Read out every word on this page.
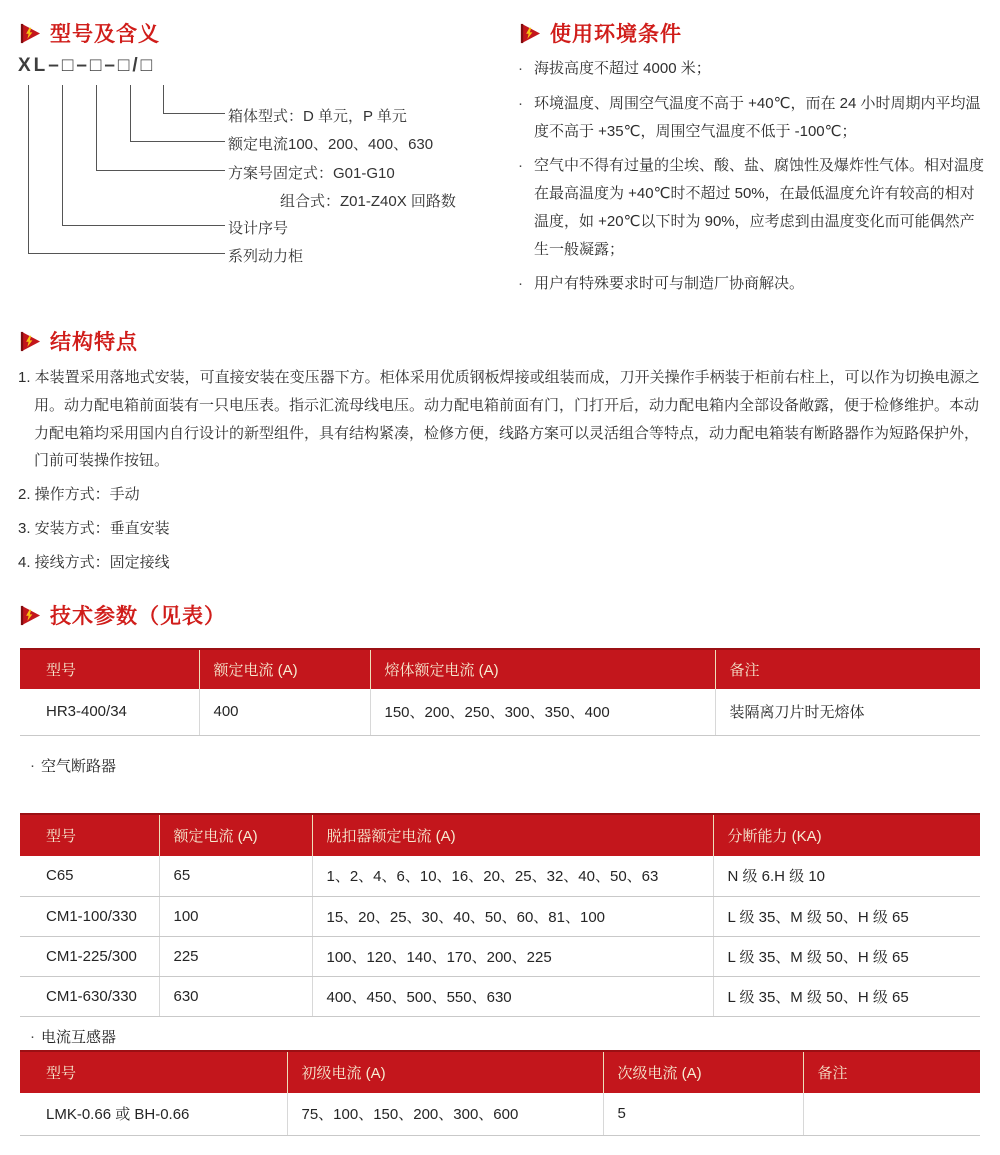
型号及含义
XL–□–□–□/□
箱体型式：D 单元，P 单元
额定电流100、200、400、630
方案号固定式：G01-G10
组合式：Z01-Z40X 回路数
设计序号
系列动力柜
使用环境条件
· 海拔高度不超过 4000 米；
· 环境温度、周围空气温度不高于 +40℃，而在 24 小时周期内平均温度不高于 +35℃，周围空气温度不低于 -100℃；
· 空气中不得有过量的尘埃、酸、盐、腐蚀性及爆炸性气体。相对温度在最高温度为 +40℃时不超过 50%，在最低温度允许有较高的相对温度，如 +20℃以下时为 90%，应考虑到由温度变化而可能偶然产生一般凝露；
· 用户有特殊要求时可与制造厂协商解决。
结构特点
1. 本装置采用落地式安装，可直接安装在变压器下方。柜体采用优质钢板焊接或组装而成，刀开关操作手柄装于柜前右柱上，可以作为切换电源之用。动力配电箱前面装有一只电压表。指示汇流母线电压。动力配电箱前面有门，门打开后，动力配电箱内全部设备敞露，便于检修维护。本动力配电箱均采用国内自行设计的新型组件，具有结构紧凑，检修方便，线路方案可以灵活组合等特点，动力配电箱装有断路器作为短路保护外，门前可装操作按钮。
2. 操作方式：手动
3. 安装方式：垂直安装
4. 接线方式：固定接线
技术参数（见表）
型号	额定电流 (A)	熔体额定电流 (A)	备注
HR3-400/34	400	150、200、250、300、350、400	装隔离刀片时无熔体
· 空气断路器
型号	额定电流 (A)	脱扣器额定电流 (A)	分断能力 (KA)
C65	65	1、2、4、6、10、16、20、25、32、40、50、63	N 级 6.H 级 10
CM1-100/330	100	15、20、25、30、40、50、60、81、100	L 级 35、M 级 50、H 级 65
CM1-225/300	225	100、120、140、170、200、225	L 级 35、M 级 50、H 级 65
CM1-630/330	630	400、450、500、550、630	L 级 35、M 级 50、H 级 65
· 电流互感器
型号	初级电流 (A)	次级电流 (A)	备注
LMK-0.66 或 BH-0.66	75、100、150、200、300、600	5	
